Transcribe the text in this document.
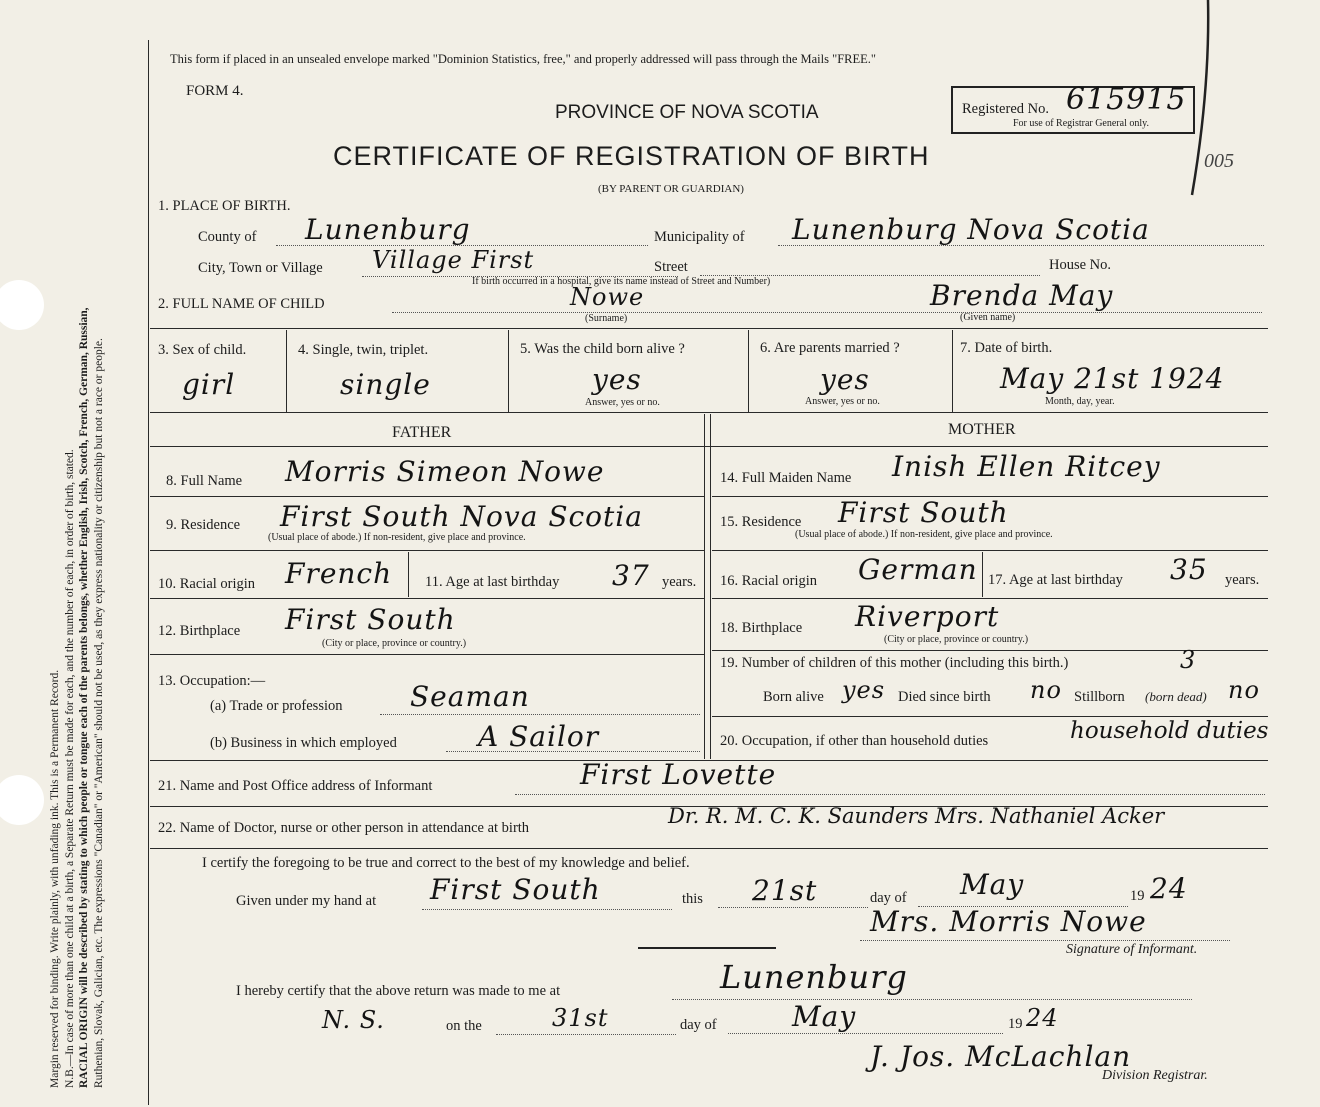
Margin reserved for binding. Write plainly, with unfading ink. This is a Permanent Record. N.B.—In case of more than one child at a birth, a Separate Return must be made for each, and the number of each, in order of birth, stated. RACIAL ORIGIN will be described by stating to which people or tongue each of the parents belongs, whether English, Irish, Scotch, French, German, Russian, Ruthenian, Slovak, Galician, etc. The expressions "Canadian" or "American" should not be used, as they express nationality or citizenship but not a race or people.
This form if placed in an unsealed envelope marked "Dominion Statistics, free," and properly addressed will pass through the Mails "FREE."
FORM 4.
PROVINCE OF NOVA SCOTIA
CERTIFICATE OF REGISTRATION OF BIRTH
(BY PARENT OR GUARDIAN)
Registered No. 615915
For use of Registrar General only.
005
1. PLACE OF BIRTH.
County of Lunenburg	Municipality of Lunenburg Nova Scotia
City, Town or Village Village First	Street	House No.
If birth occurred in a hospital, give its name instead of Street and Number)
2. FULL NAME OF CHILD	Nowe
(Surname)
Brenda May
(Given name)
3. Sex of child.
girl
4. Single, twin, triplet.
single
5. Was the child born alive ?
yes
Answer, yes or no.
6. Are parents married ?
yes
Answer, yes or no.
7. Date of birth.
May 21st 1924
Month, day, year.
FATHER	MOTHER
8. Full Name Morris Simeon Nowe
9. Residence First South Nova Scotia
(Usual place of abode.) If non-resident, give place and province.
10. Racial origin French 11. Age at last birthday 37 years.
12. Birthplace First South
(City or place, province or country.)
13. Occupation:—
(a) Trade or profession Seaman
(b) Business in which employed	A Sailor
14. Full Maiden Name Inish Ellen Ritcey
15. Residence First South
(Usual place of abode.) If non-resident, give place and province.
16. Racial origin German 17. Age at last birthday 35 years.
18. Birthplace Riverport
(City or place, province or country.)
19. Number of children of this mother (including this birth.)	3
Born alive yes Died since birth no Stillborn (born dead) no
20. Occupation, if other than household duties	household duties
21. Name and Post Office address of Informant	First Lovette
22. Name of Doctor, nurse or other person in attendance at birth	Dr. R. M. C. K. Saunders Mrs. Nathaniel Acker
I certify the foregoing to be true and correct to the best of my knowledge and belief.
Given under my hand at First South	this 21st	day of May	19 24
Mrs. Morris Nowe
Signature of Informant.
I hereby certify that the above return was made to me at	Lunenburg
N. S.	on the	31st	day of	May	19 24
J. Jos. McLachlan
Division Registrar.
